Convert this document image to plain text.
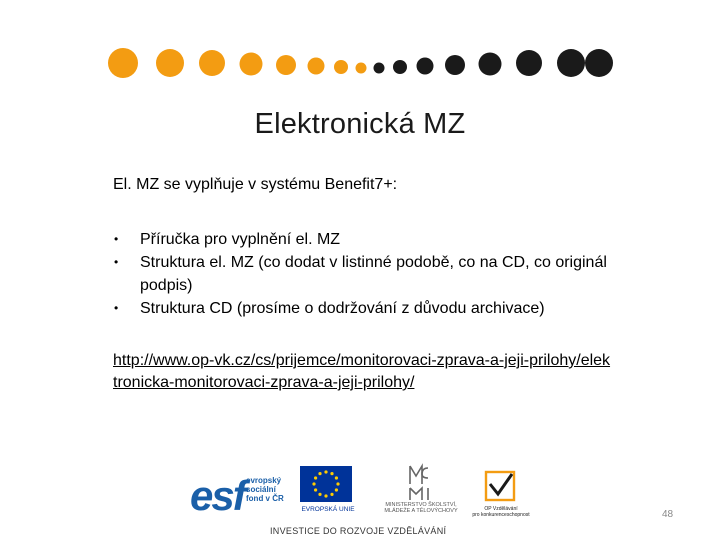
Elektronická MZ
El. MZ se vyplňuje v systému Benefit7+:
• Příručka pro vyplnění el. MZ
• Struktura el. MZ (co dodat v listinné podobě, co na CD, co originál podpis)
• Struktura CD (prosíme o dodržování z důvodu archivace)
http://www.op-vk.cz/cs/prijemce/monitorovaci-zprava-a-jeji-prilohy/elektronicka-monitorovaci-zprava-a-jeji-prilohy/
esf evropský
sociální
fond v ČR
EVROPSKÁ UNIE
MINISTERSTVO ŠKOLSTVÍ,
MLÁDEŽE A TĚLOVÝCHOVY	OP Vzdělávání
pro konkurenceschopnost
INVESTICE DO ROZVOJE VZDĚLÁVÁNÍ
48
